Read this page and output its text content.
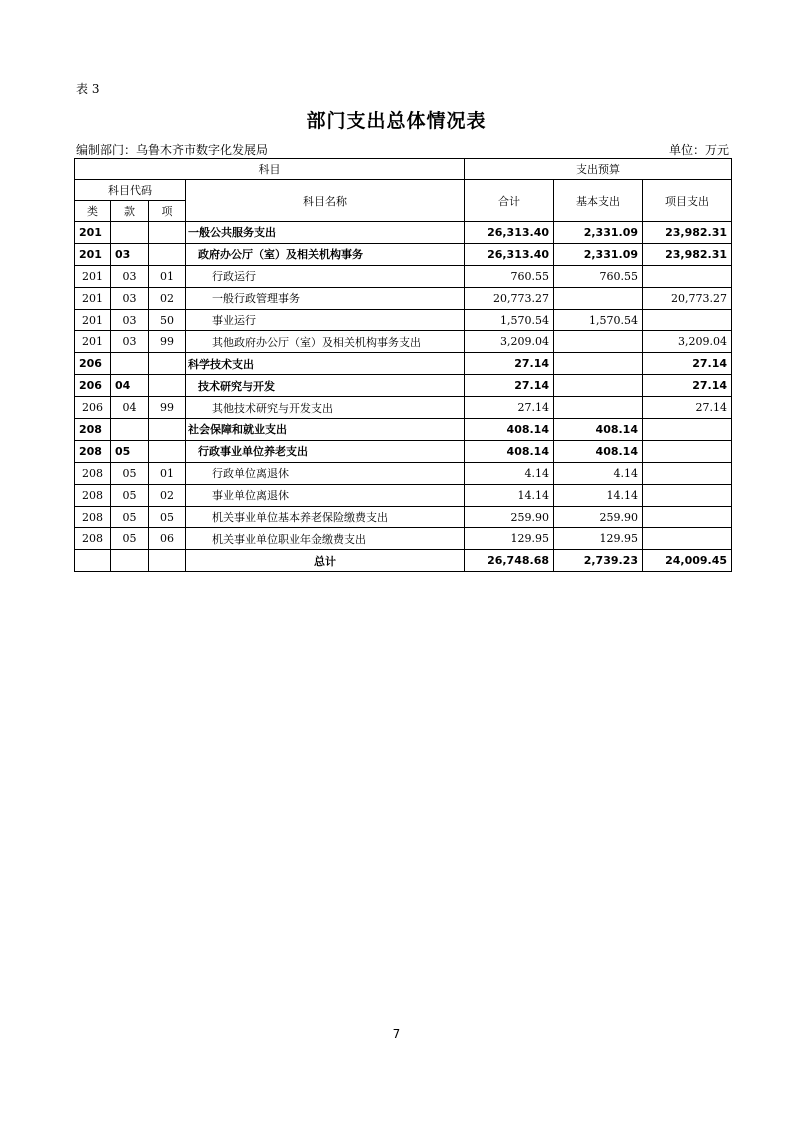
表 3
部门支出总体情况表
编制部门：乌鲁木齐市数字化发展局	单位：万元
科目				支出预算		
科目代码			科目名称	合计	基本支出	项目支出
类	款	项				
201			一般公共服务支出	26,313.40	2,331.09	23,982.31
201	03		政府办公厅（室）及相关机构事务	26,313.40	2,331.09	23,982.31
201	03	01	行政运行	760.55	760.55	
201	03	02	一般行政管理事务	20,773.27		20,773.27
201	03	50	事业运行	1,570.54	1,570.54	
201	03	99	其他政府办公厅（室）及相关机构事务支出	3,209.04		3,209.04
206			科学技术支出	27.14		27.14
206	04		技术研究与开发	27.14		27.14
206	04	99	其他技术研究与开发支出	27.14		27.14
208			社会保障和就业支出	408.14	408.14	
208	05		行政事业单位养老支出	408.14	408.14	
208	05	01	行政单位离退休	4.14	4.14	
208	05	02	事业单位离退休	14.14	14.14	
208	05	05	机关事业单位基本养老保险缴费支出	259.90	259.90	
208	05	06	机关事业单位职业年金缴费支出	129.95	129.95	
			总计	26,748.68	2,739.23	24,009.45
7
